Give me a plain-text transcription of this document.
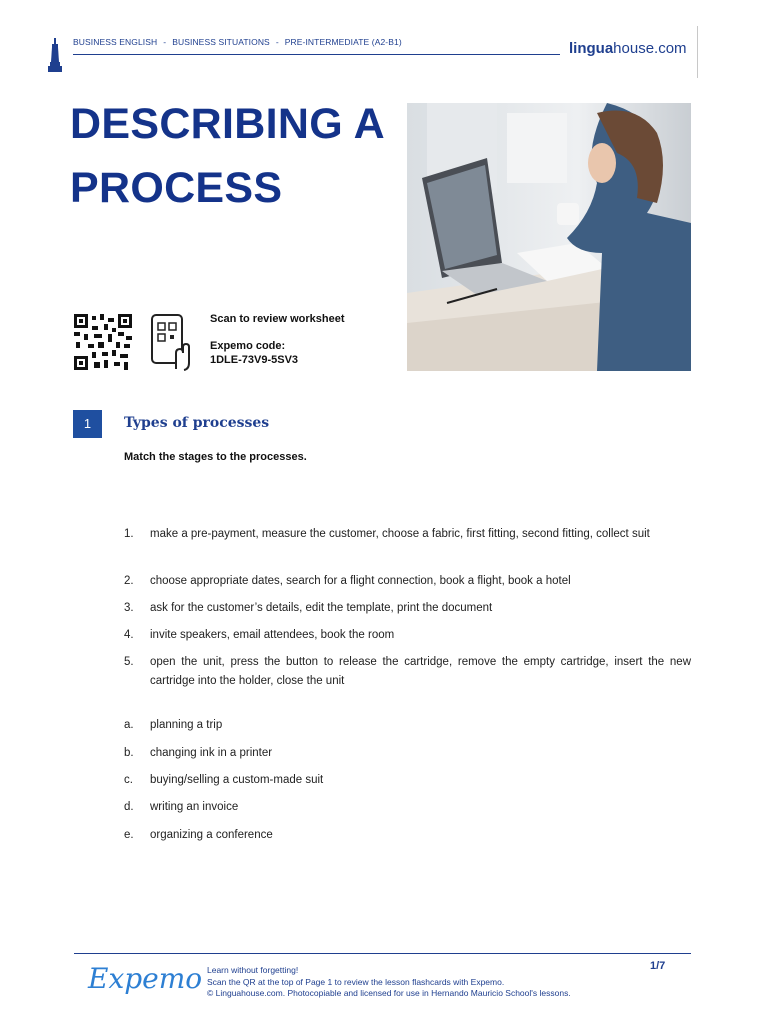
BUSINESS ENGLISH - BUSINESS SITUATIONS - PRE-INTERMEDIATE (A2-B1)	linguahouse.com
DESCRIBING A
PROCESS
Scan to review worksheet
Expemo code:
1DLE-73V9-5SV3
1	Types of processes
Match the stages to the processes.
1.	make a pre-payment, measure the customer, choose a fabric, first fitting, second fitting, collect suit
2.	choose appropriate dates, search for a flight connection, book a flight, book a hotel
3.	ask for the customer’s details, edit the template, print the document
4.	invite speakers, email attendees, book the room
5.	open the unit, press the button to release the cartridge, remove the empty cartridge, insert the new cartridge into the holder, close the unit
a.	planning a trip
b.	changing ink in a printer
c.	buying/selling a custom-made suit
d.	writing an invoice
e.	organizing a conference
Expemo Learn without forgetting!
Scan the QR at the top of Page 1 to review the lesson flashcards with Expemo.
© Linguahouse.com. Photocopiable and licensed for use in Hernando Mauricio School's lessons.
1/7
